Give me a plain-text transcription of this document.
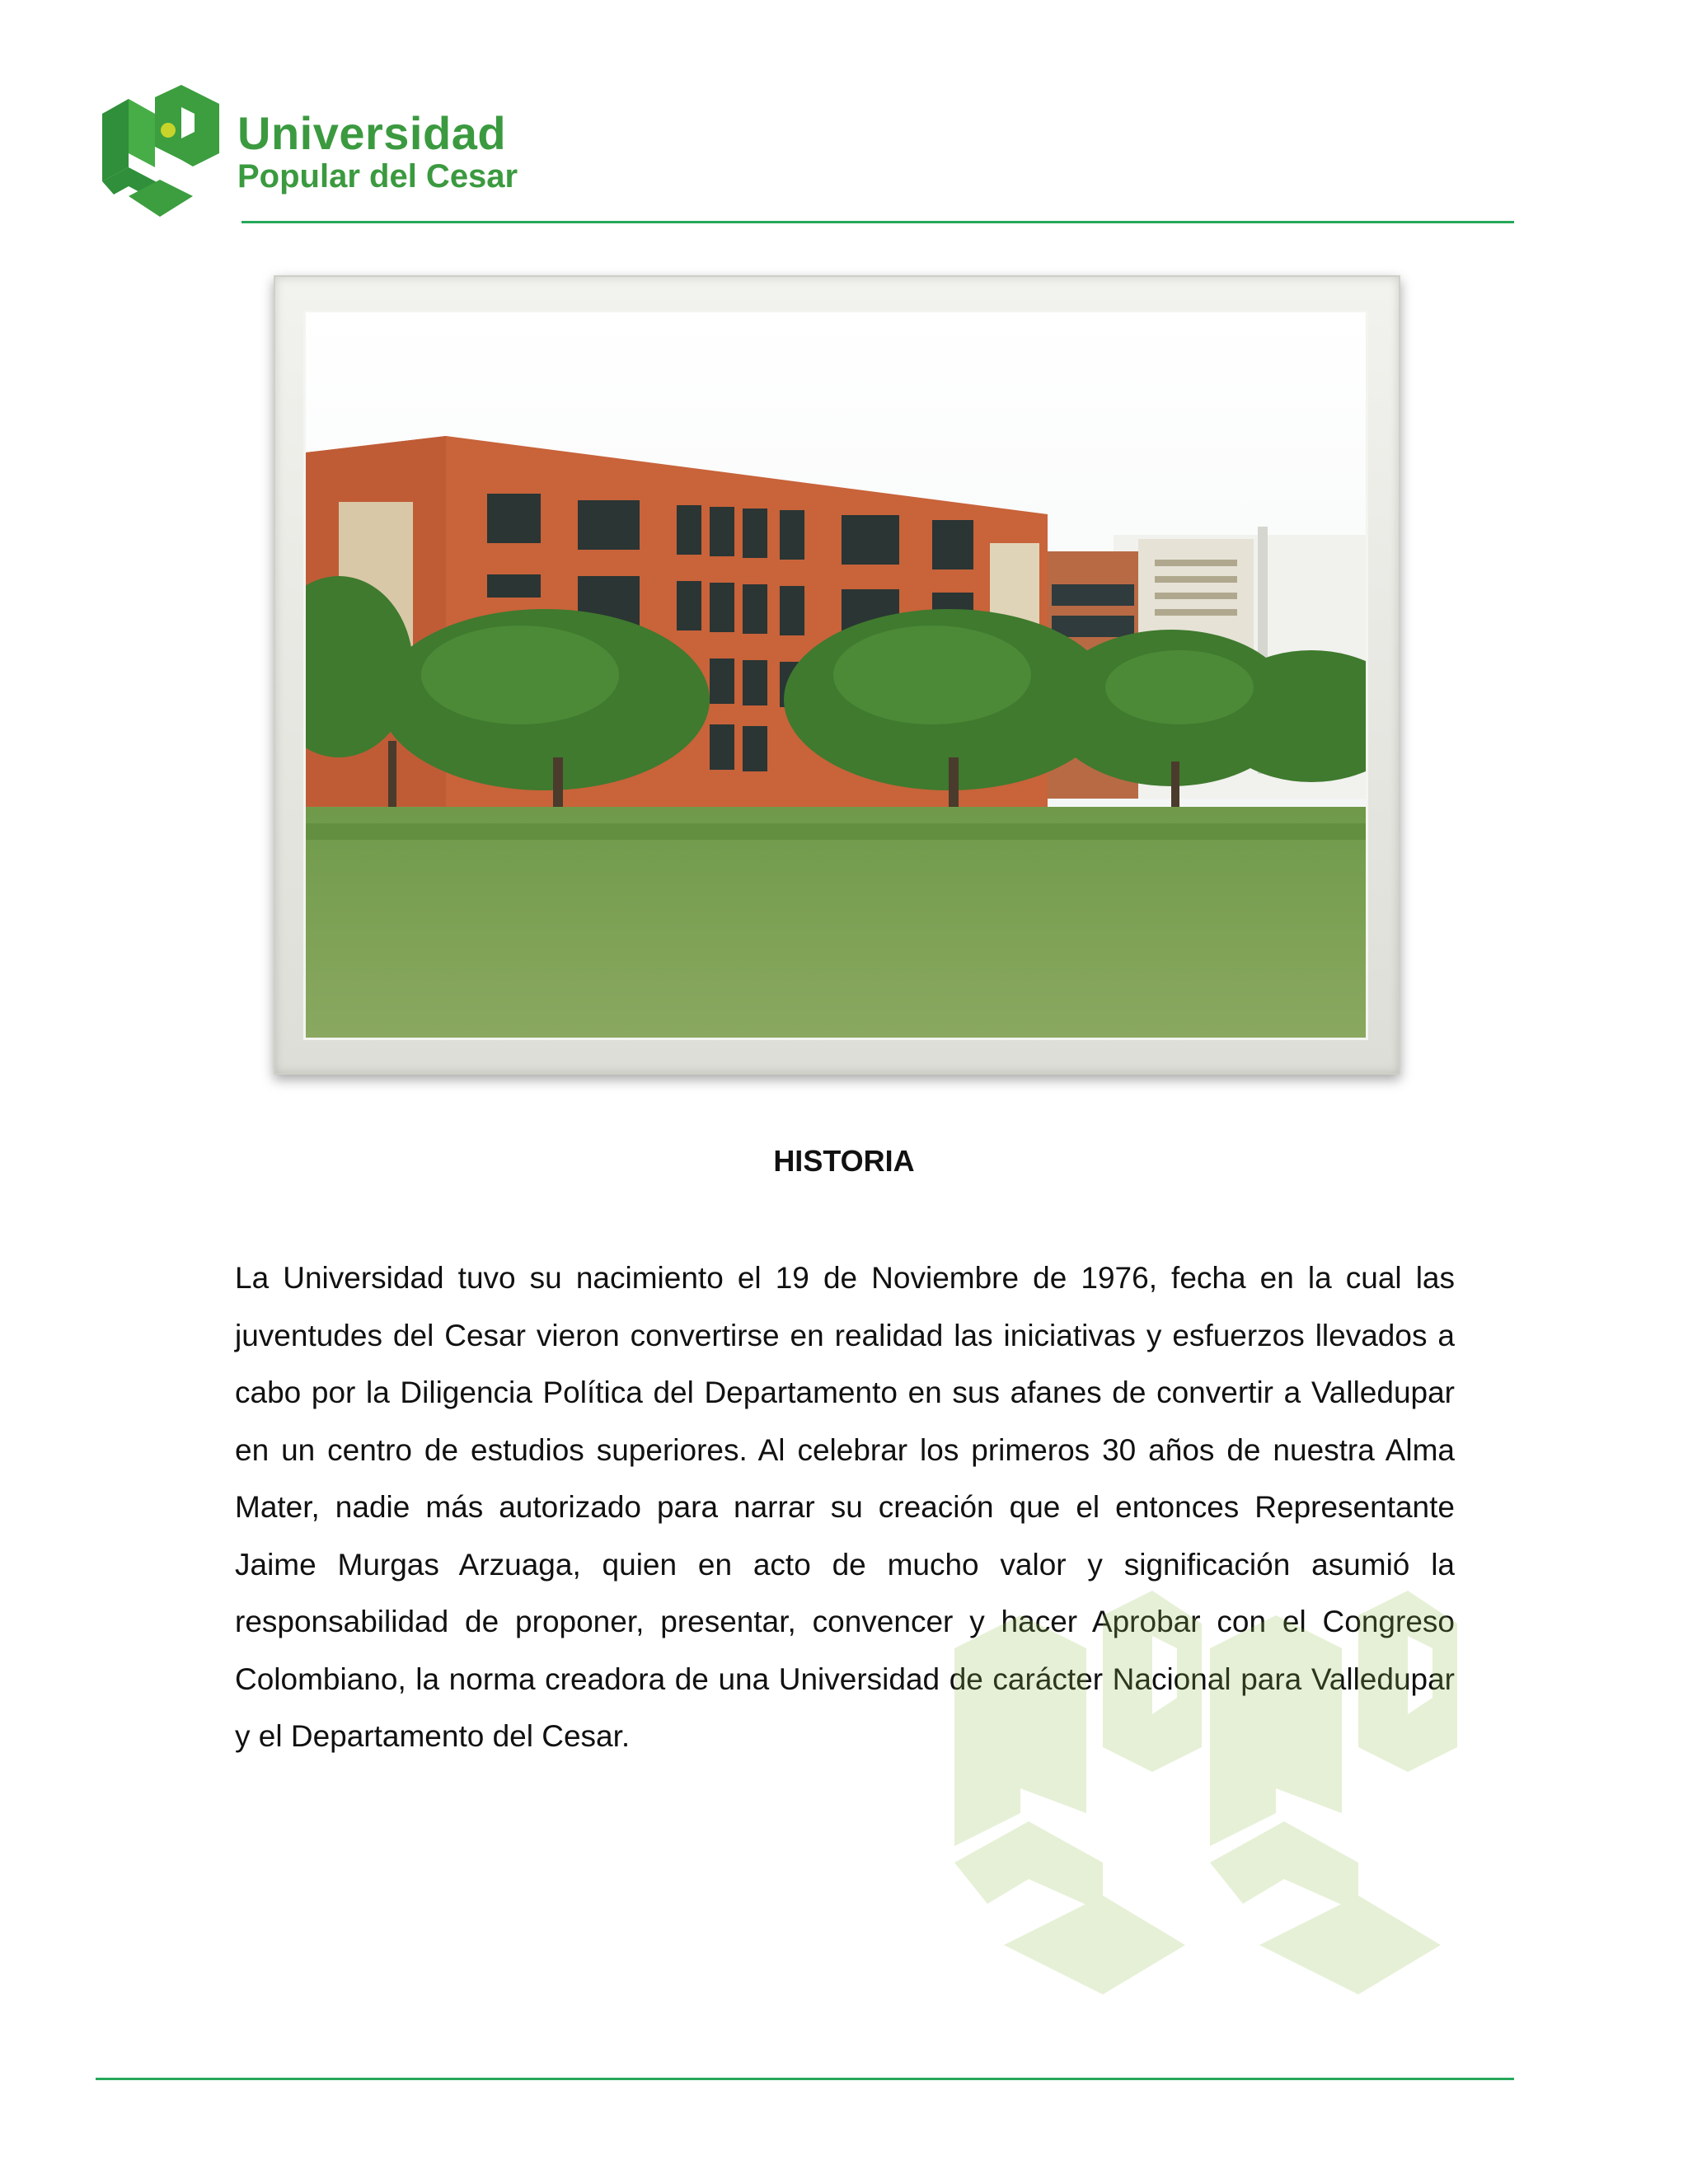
Universidad
Popular del Cesar
HISTORIA
La Universidad tuvo su nacimiento el 19 de Noviembre de 1976, fecha en la cual las juventudes del Cesar vieron convertirse en realidad las iniciativas y esfuerzos llevados a cabo por la Diligencia Política del Departamento en sus afanes de convertir a Valledupar en un centro de estudios superiores. Al celebrar los primeros 30 años de nuestra Alma Mater, nadie más autorizado para narrar su creación que el entonces Representante Jaime Murgas Arzuaga, quien en acto de mucho valor y significación asumió la responsabilidad de proponer, presentar, convencer y hacer Aprobar con el Congreso Colombiano, la norma creadora de una Universidad de carácter Nacional para Valledupar y el Departamento del Cesar.
